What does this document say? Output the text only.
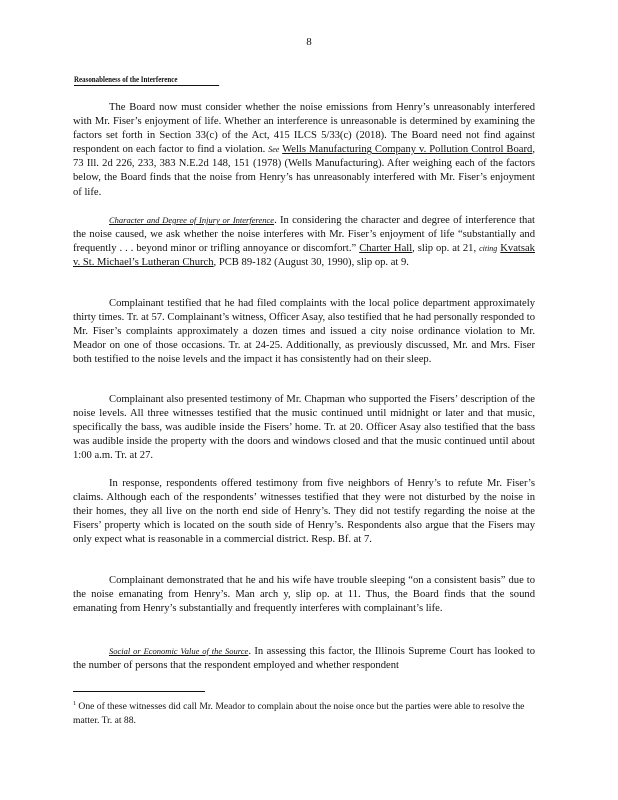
8
Reasonableness of the Interference

The Board now must consider whether the noise emissions from Henry’s unreasonably interfered with Mr. Fiser’s enjoyment of life. Whether an interference is unreasonable is determined by examining the factors set forth in Section 33(c) of the Act, 415 ILCS 5/33(c) (2018). The Board need not find against respondent on each factor to find a violation. See Wells Manufacturing Company v. Pollution Control Board, 73 Ill. 2d 226, 233, 383 N.E.2d 148, 151 (1978) (Wells Manufacturing). After weighing each of the factors below, the Board finds that the noise from Henry’s has unreasonably interfered with Mr. Fiser’s enjoyment of life.

Character and Degree of Injury or Interference. In considering the character and degree of interference that the noise caused, we ask whether the noise interferes with Mr. Fiser’s enjoyment of life “substantially and frequently . . . beyond minor or trifling annoyance or discomfort.” Charter Hall, slip op. at 21, citing Kvatsak v. St. Michael’s Lutheran Church, PCB 89-182 (August 30, 1990), slip op. at 9.

Complainant testified that he had filed complaints with the local police department approximately thirty times. Tr. at 57. Complainant’s witness, Officer Asay, also testified that he had personally responded to Mr. Fiser’s complaints approximately a dozen times and issued a city noise ordinance violation to Mr. Meador on one of those occasions. Tr. at 24-25. Additionally, as previously discussed, Mr. and Mrs. Fiser both testified to the noise levels and the impact it has consistently had on their sleep.

Complainant also presented testimony of Mr. Chapman who supported the Fisers’ description of the noise levels. All three witnesses testified that the music continued until midnight or later and that music, specifically the bass, was audible inside the Fisers’ home. Tr. at 20. Officer Asay also testified that the bass was audible inside the property with the doors and windows closed and that the music continued until about 1:00 a.m. Tr. at 27.

In response, respondents offered testimony from five neighbors of Henry’s to refute Mr. Fiser’s claims. Although each of the respondents’ witnesses testified that they were not disturbed by the noise in their homes, they all live on the north end side of Henry’s. They did not testify regarding the noise at the Fisers’ property which is located on the south side of Henry’s. Respondents also argue that the Fisers may only expect what is reasonable in a commercial district. Resp. Bf. at 7.

Complainant demonstrated that he and his wife have trouble sleeping “on a consistent basis” due to the noise emanating from Henry’s. Man arch y, slip op. at 11. Thus, the Board finds that the sound emanating from Henry’s substantially and frequently interferes with complainant’s life.

Social or Economic Value of the Source. In assessing this factor, the Illinois Supreme Court has looked to the number of persons that the respondent employed and whether respondent

$^1$ One of these witnesses did call Mr. Meador to complain about the noise once but the parties were able to resolve the matter. Tr. at 88.
